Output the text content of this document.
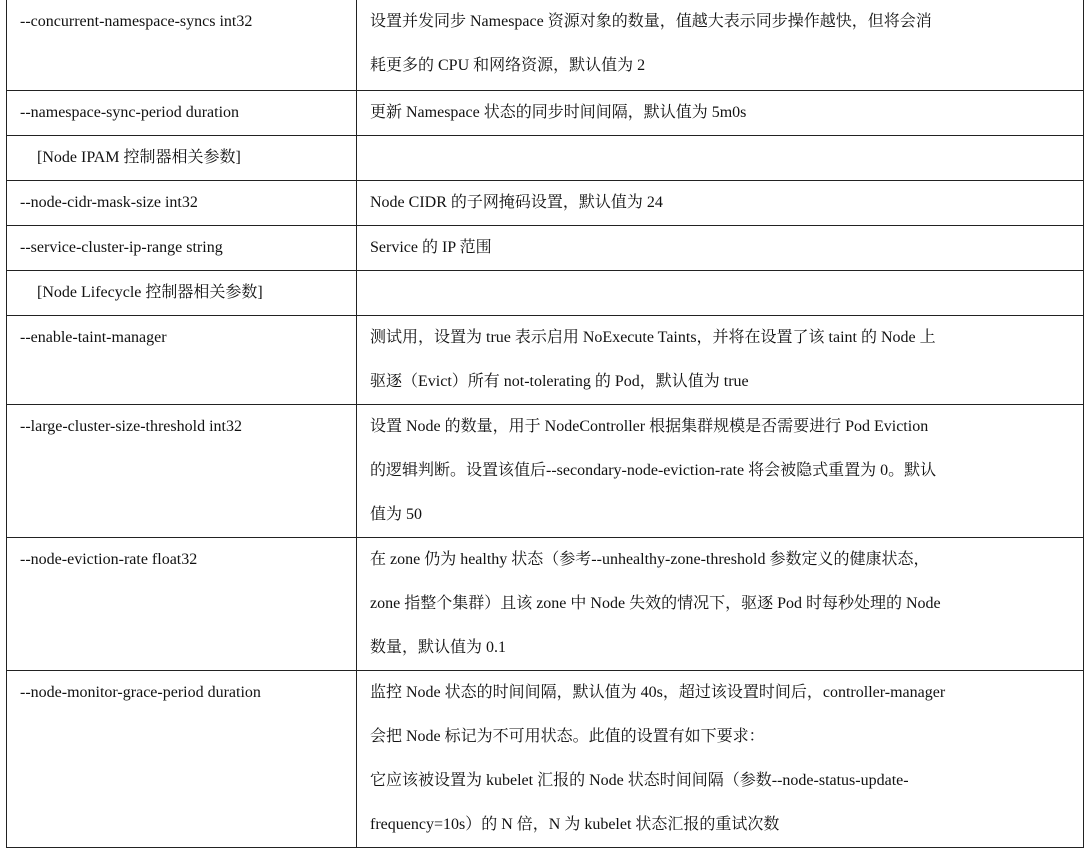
--concurrent-namespace-syncs int32	设置并发同步 Namespace 资源对象的数量，值越大表示同步操作越快，但将会消
耗更多的 CPU 和网络资源，默认值为 2

--namespace-sync-period duration	更新 Namespace 状态的同步时间间隔，默认值为 5m0s

[Node IPAM 控制器相关参数]	
--node-cidr-mask-size int32	Node CIDR 的子网掩码设置，默认值为 24

--service-cluster-ip-range string	Service 的 IP 范围

[Node Lifecycle 控制器相关参数]	
--enable-taint-manager	测试用，设置为 true 表示启用 NoExecute Taints，并将在设置了该 taint 的 Node 上
驱逐（Evict）所有 not-tolerating 的 Pod，默认值为 true

--large-cluster-size-threshold int32	设置 Node 的数量，用于 NodeController 根据集群规模是否需要进行 Pod Eviction
的逻辑判断。设置该值后--secondary-node-eviction-rate 将会被隐式重置为 0。默认
值为 50

--node-eviction-rate float32	在 zone 仍为 healthy 状态（参考--unhealthy-zone-threshold 参数定义的健康状态，
zone 指整个集群）且该 zone 中 Node 失效的情况下，驱逐 Pod 时每秒处理的 Node
数量，默认值为 0.1

--node-monitor-grace-period duration	监控 Node 状态的时间间隔，默认值为 40s，超过该设置时间后，controller-manager
会把 Node 标记为不可用状态。此值的设置有如下要求：
它应该被设置为 kubelet 汇报的 Node 状态时间间隔（参数--node-status-update-
frequency=10s）的 N 倍，N 为 kubelet 状态汇报的重试次数
